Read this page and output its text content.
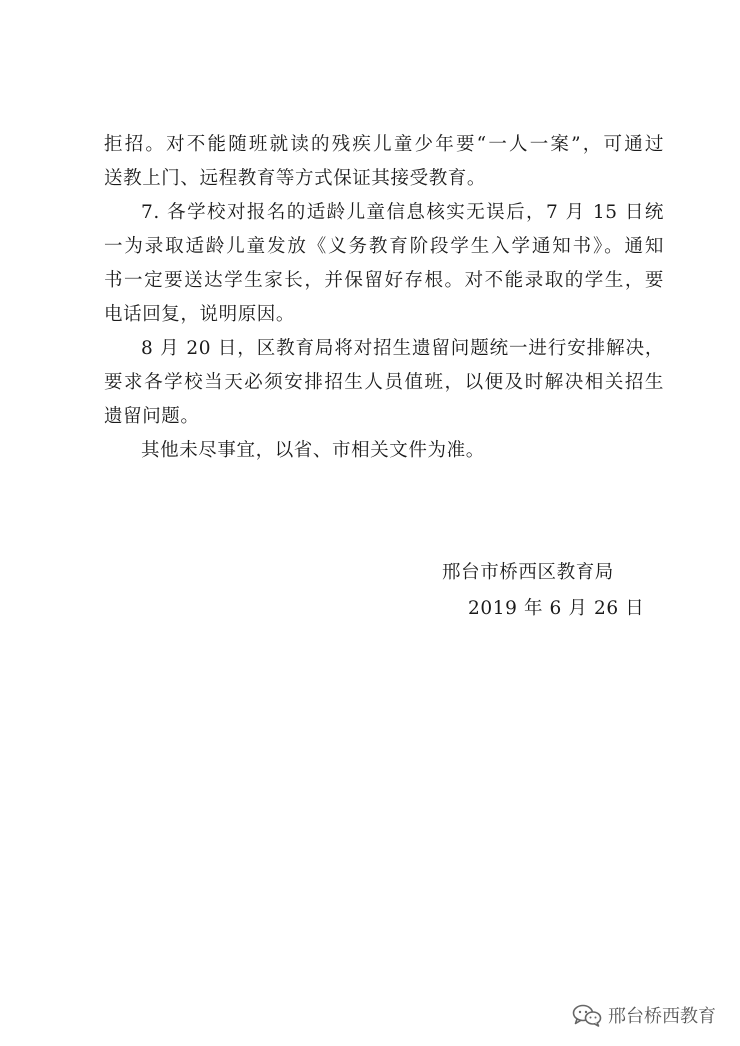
拒招。对不能随班就读的残疾儿童少年要“一人一案”，可通过
送教上门、远程教育等方式保证其接受教育。
7. 各学校对报名的适龄儿童信息核实无误后，7 月 15 日统
一为录取适龄儿童发放《义务教育阶段学生入学通知书》。通知
书一定要送达学生家长，并保留好存根。对不能录取的学生，要
电话回复，说明原因。
8 月 20 日，区教育局将对招生遗留问题统一进行安排解决，
要求各学校当天必须安排招生人员值班，以便及时解决相关招生
遗留问题。
其他未尽事宜，以省、市相关文件为准。
邢台市桥西区教育局
2019 年 6 月 26 日
邢台桥西教育
